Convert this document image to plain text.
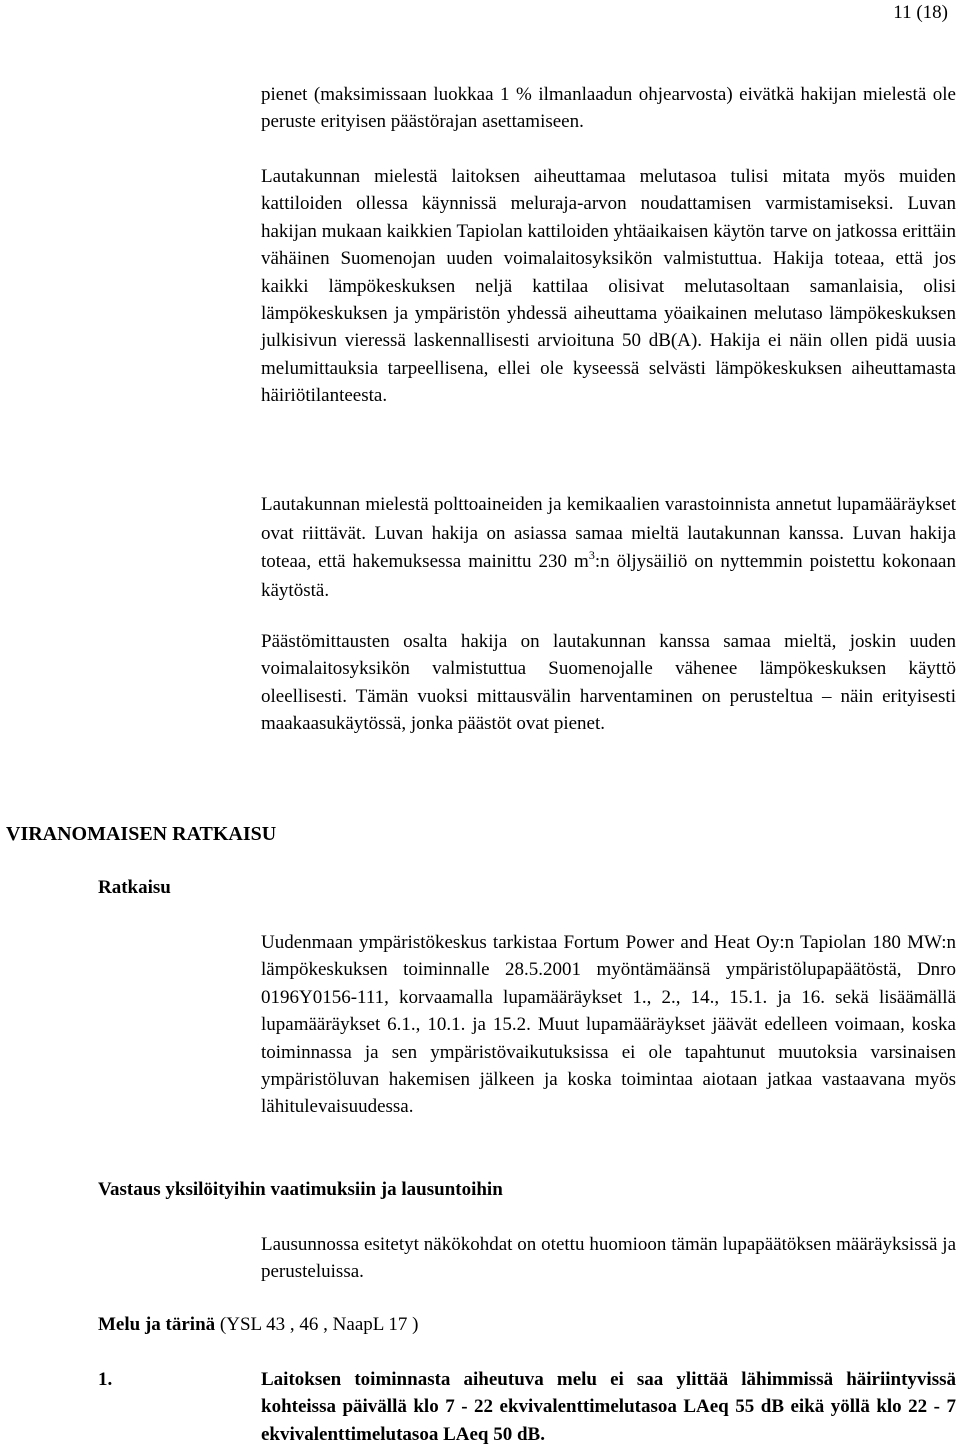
11 (18)

pienet (maksimissaan luokkaa 1 % ilmanlaadun ohjearvosta) eivätkä hakijan mielestä ole peruste erityisen päästörajan asettamiseen.

Lautakunnan mielestä laitoksen aiheuttamaa melutasoa tulisi mitata myös muiden kattiloiden ollessa käynnissä meluraja-arvon noudattamisen varmistamiseksi. Luvan hakijan mukaan kaikkien Tapiolan kattiloiden yhtäaikaisen käytön tarve on jatkossa erittäin vähäinen Suomenojan uuden voimalaitosyksikön valmistuttua. Hakija toteaa, että jos kaikki lämpökeskuksen neljä kattilaa olisivat melutasoltaan samanlaisia, olisi lämpökeskuksen ja ympäristön yhdessä aiheuttama yöaikainen melutaso lämpökeskuksen julkisivun vieressä laskennallisesti arvioituna 50 dB(A). Hakija ei näin ollen pidä uusia melumittauksia tarpeellisena, ellei ole kyseessä selvästi lämpökeskuksen aiheuttamasta häiriötilanteesta.

Lautakunnan mielestä polttoaineiden ja kemikaalien varastoinnista annetut lupamääräykset ovat riittävät. Luvan hakija on asiassa samaa mieltä lautakunnan kanssa. Luvan hakija toteaa, että hakemuksessa mainittu 230 $m^3:n$ öljysäiliö on nyttemmin poistettu kokonaan käytöstä.

Päästömittausten osalta hakija on lautakunnan kanssa samaa mieltä, joskin uuden voimalaitosyksikön valmistuttua Suomenojalle vähenee lämpökeskuksen käyttö oleellisesti. Tämän vuoksi mittausvälin harventaminen on perusteltua – näin erityisesti maakaasukäytössä, jonka päästöt ovat pienet.

VIRANOMAISEN RATKAISU
Ratkaisu

Uudenmaan ympäristökeskus tarkistaa Fortum Power and Heat Oy:n Tapiolan 180 MW:n lämpökeskuksen toiminnalle 28.5.2001 myöntämäänsä ympäristölupapäätöstä, Dnro 0196Y0156-111, korvaamalla lupamääräykset 1., 2., 14., 15.1. ja 16. sekä lisäämällä lupamääräykset 6.1., 10.1. ja 15.2. Muut lupamääräykset jäävät edelleen voimaan, koska toiminnassa ja sen ympäristövaikutuksissa ei ole tapahtunut muutoksia varsinaisen ympäristöluvan hakemisen jälkeen ja koska toimintaa aiotaan jatkaa vastaavana myös lähitulevaisuudessa.

Vastaus yksilöityihin vaatimuksiin ja lausuntoihin

Lausunnossa esitetyt näkökohdat on otettu huomioon tämän lupapäätöksen määräyksissä ja perusteluissa.

Melu ja tärinä (YSL 43 , 46 , NaapL 17 )
1.	Laitoksen toiminnasta aiheutuva melu ei saa ylittää lähimmissä häiriintyvissä kohteissa päivällä klo 7 - 22 ekvivalenttimelutasoa LAeq 55 dB eikä yöllä klo 22 - 7 ekvivalenttimelutasoa LAeq 50 dB.
